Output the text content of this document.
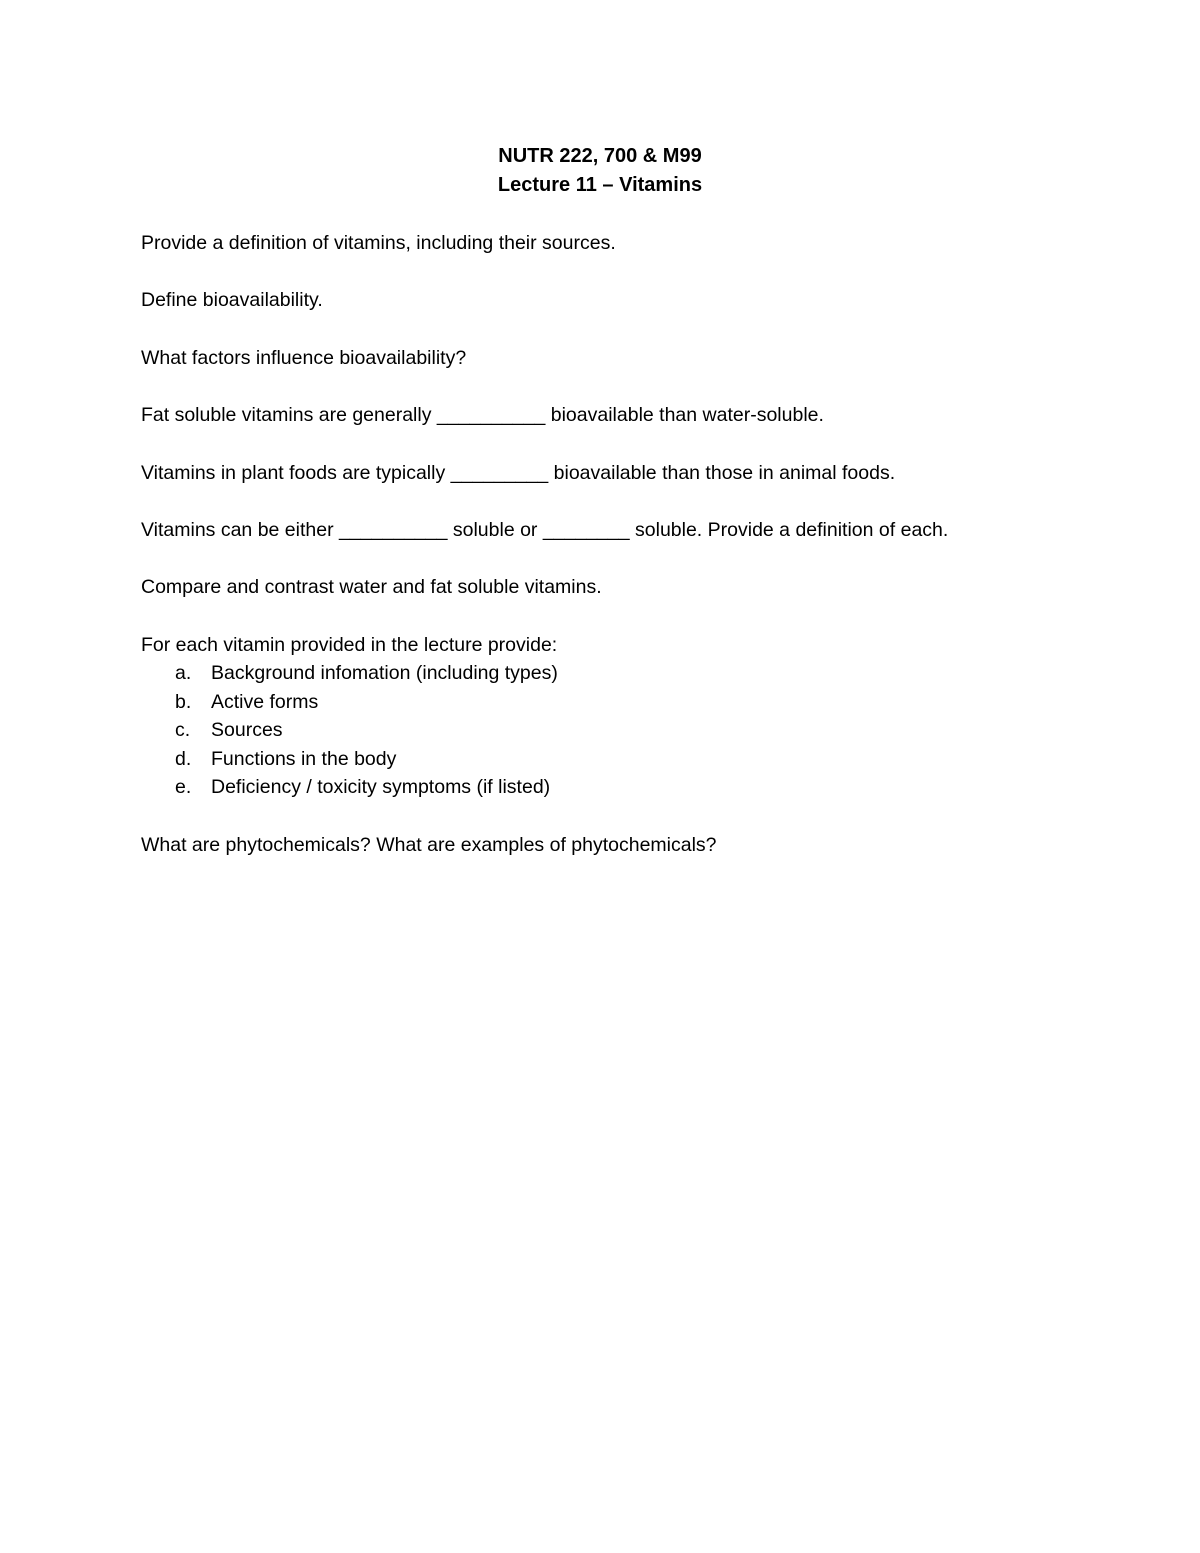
NUTR 222, 700 & M99
Lecture 11 – Vitamins

Provide a definition of vitamins, including their sources.

Define bioavailability.

What factors influence bioavailability?

Fat soluble vitamins are generally __________ bioavailable than water-soluble.

Vitamins in plant foods are typically _________ bioavailable than those in animal foods.

Vitamins can be either __________ soluble or ________ soluble. Provide a definition of each.

Compare and contrast water and fat soluble vitamins.

For each vitamin provided in the lecture provide:

a. Background infomation (including types)
b. Active forms
c. Sources
d. Functions in the body
e. Deficiency / toxicity symptoms (if listed)

What are phytochemicals? What are examples of phytochemicals?
